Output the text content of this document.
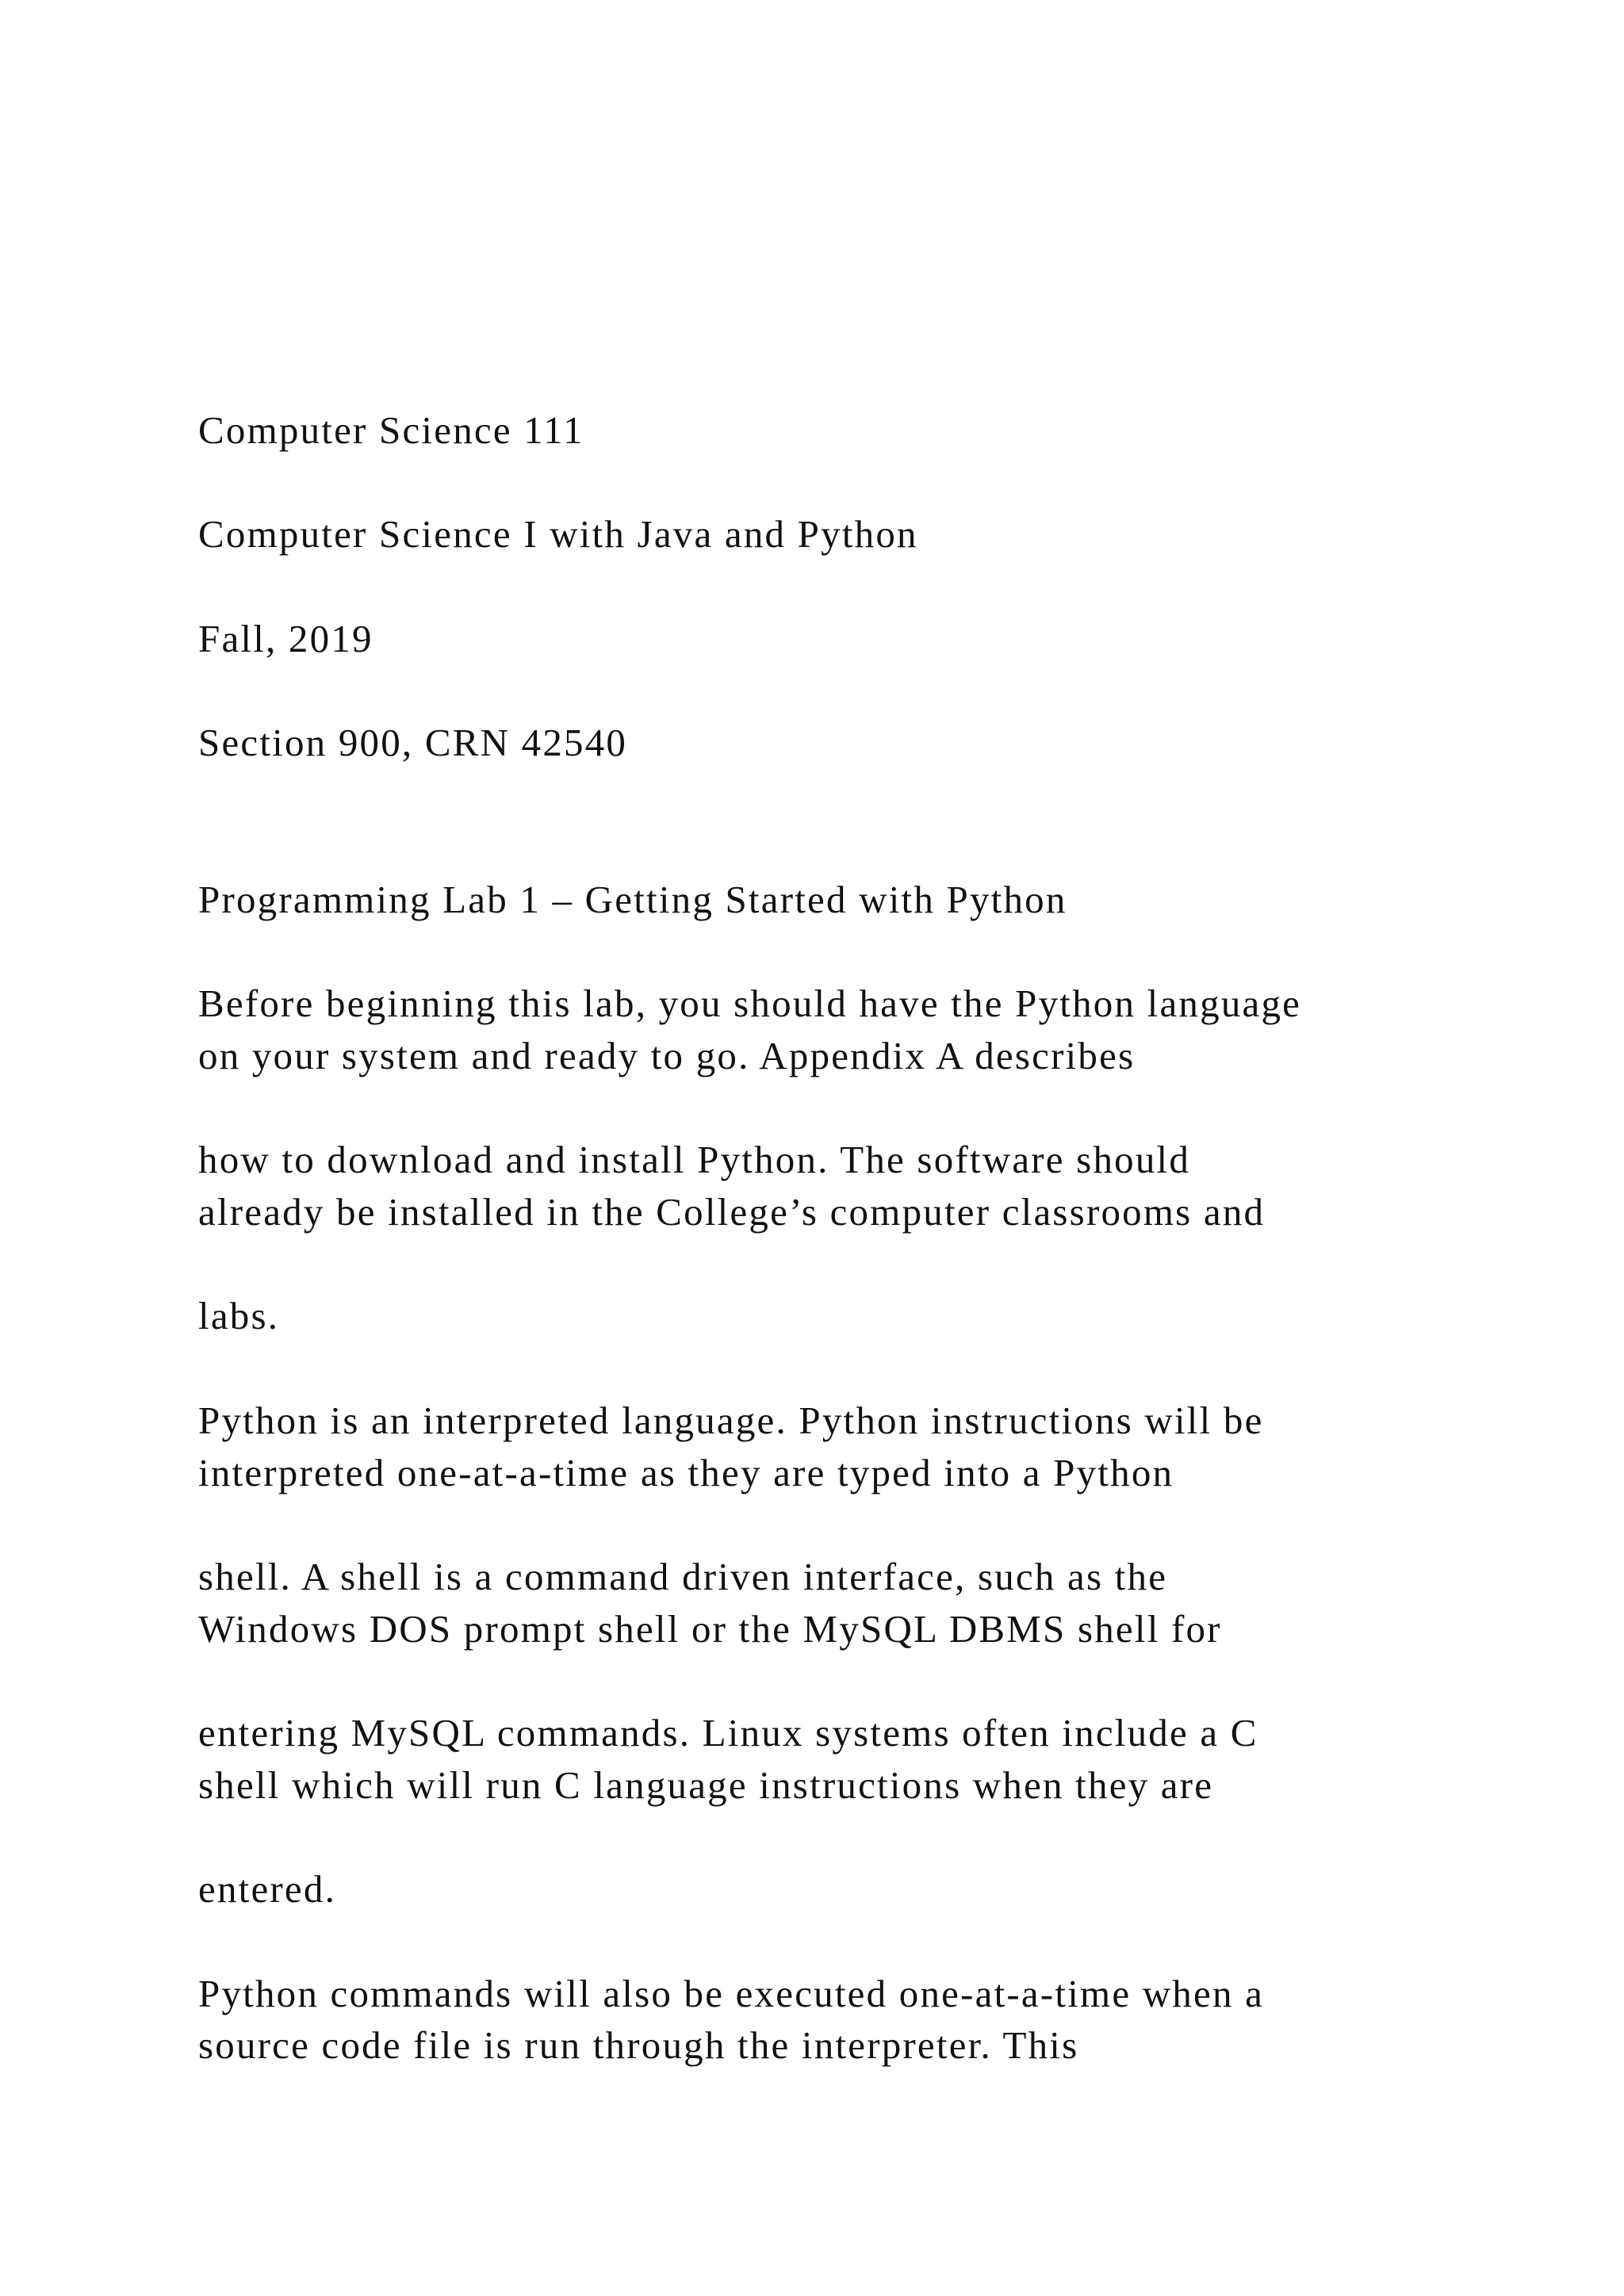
Computer Science 111

Computer Science I with Java and Python

Fall, 2019

Section 900, CRN 42540

Programming Lab 1 – Getting Started with Python

Before beginning this lab, you should have the Python language

on your system and ready to go. Appendix A describes

how to download and install Python. The software should

already be installed in the College’s computer classrooms and

labs.

Python is an interpreted language. Python instructions will be

interpreted one-at-a-time as they are typed into a Python

shell. A shell is a command driven interface, such as the

Windows DOS prompt shell or the MySQL DBMS shell for

entering MySQL commands. Linux systems often include a C

shell which will run C language instructions when they are

entered.

Python commands will also be executed one-at-a-time when a

source code file is run through the interpreter. This
